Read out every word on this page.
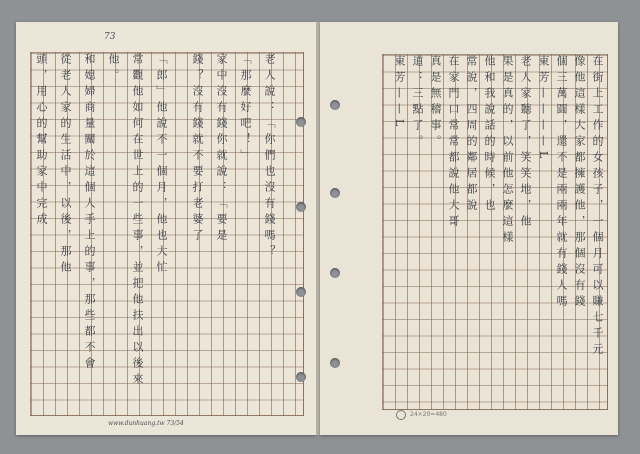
73
頭，用心的幫助家中完成 從老人家的生活中，以後，那他 和媳婦商量關於這個人手上的事，那些都不會 他。 常觀他如何在世上的一些事，並把他扶出以後來 「郎」他說不一個月，他也大忙 錢？沒有錢就不要打老婆了 家中沒有錢你就說：「要是 「那麼好吧！」 老人說：「你們也沒有錢嗎？
www.dunhuang.tw 73/54
在街上工作的女孩子，一個月可以賺七千元
像他這樣大家都擁護他，那個沒有錢
個三萬圓，還不是兩兩年就有錢人嗎
東芳————L
老人家聽了，笑笑地，他
果是真的，以前他怎麼這樣
他和我說話的時候，也
常說，四周的鄰居都說
在家門口常常都說他大哥
真是無稽事。
道：三點了。
東芳——L
24×20=480
